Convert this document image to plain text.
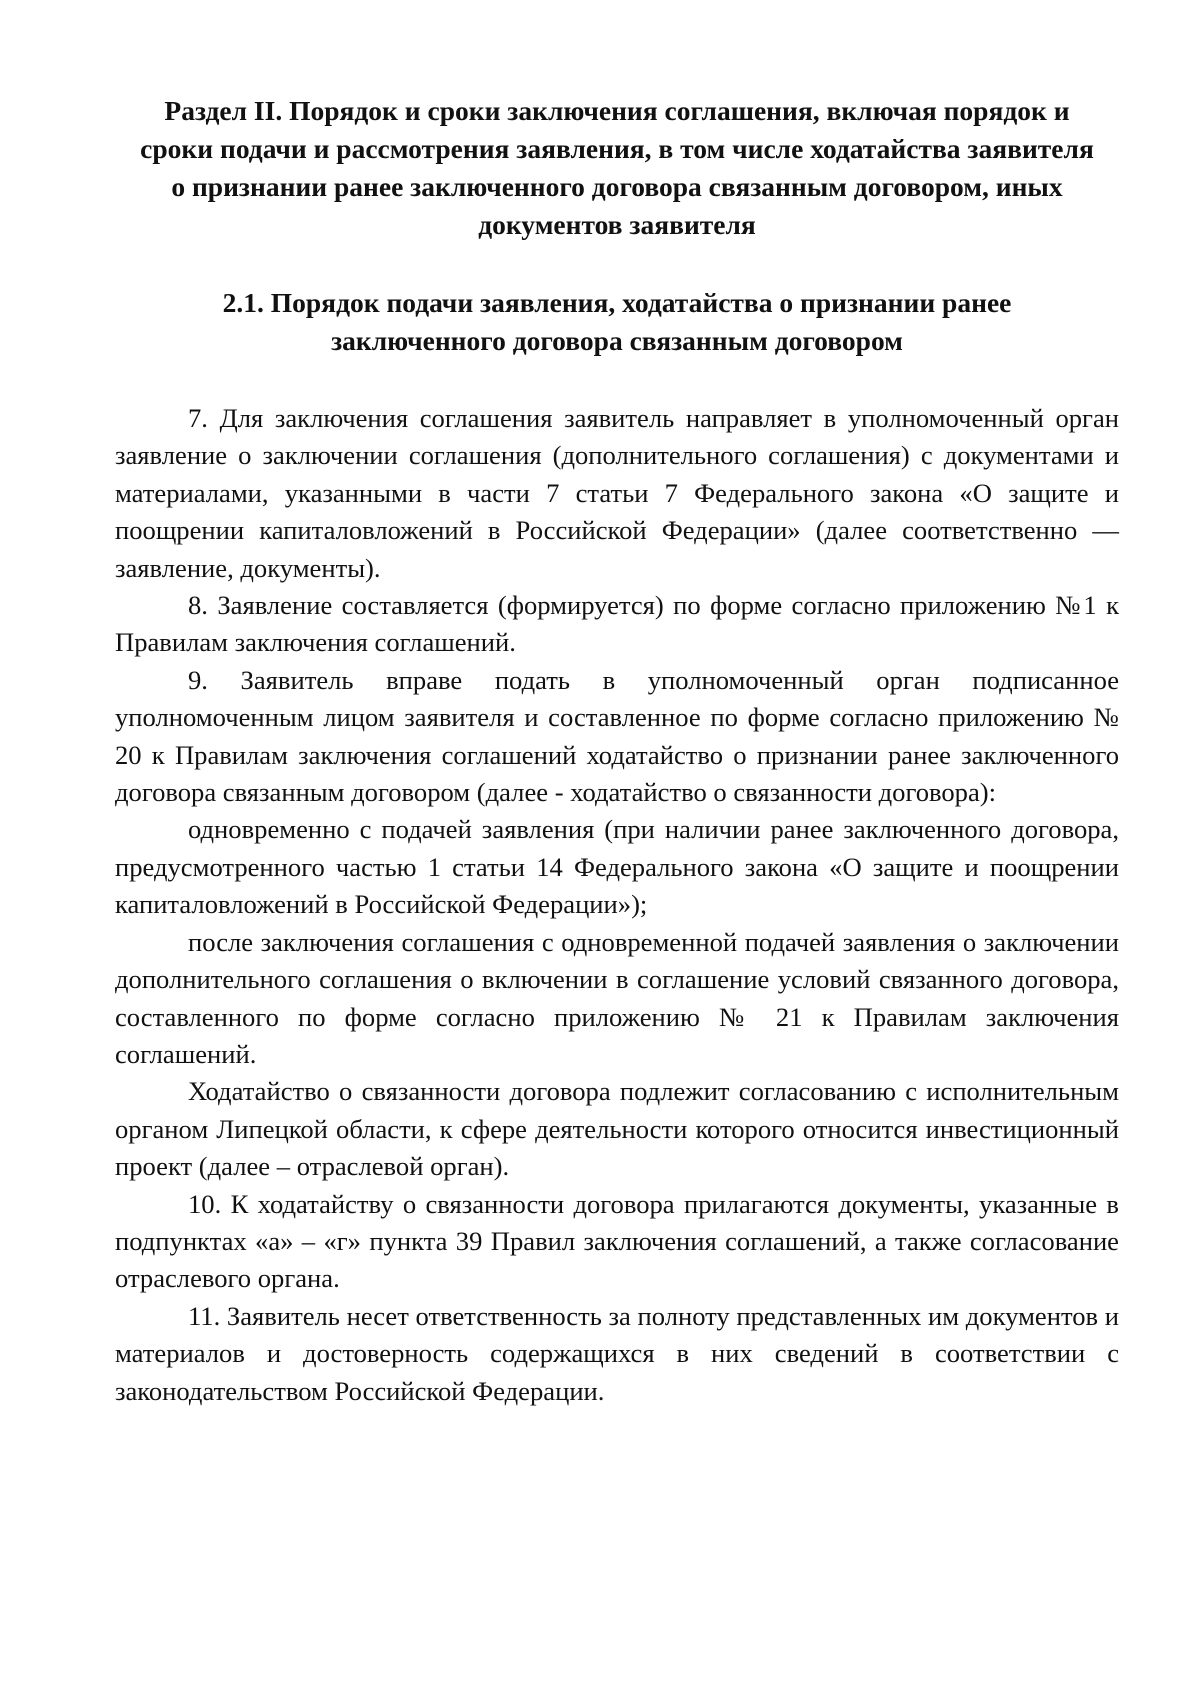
Раздел II. Порядок и сроки заключения соглашения, включая порядок и сроки подачи и рассмотрения заявления, в том числе ходатайства заявителя о признании ранее заключенного договора связанным договором, иных документов заявителя
2.1. Порядок подачи заявления, ходатайства о признании ранее заключенного договора связанным договором

7. Для заключения соглашения заявитель направляет в уполномоченный орган заявление о заключении соглашения (дополнительного соглашения) с документами и материалами, указанными в части 7 статьи 7 Федерального закона «О защите и поощрении капиталовложений в Российской Федерации» (далее соответственно — заявление, документы).

8. Заявление составляется (формируется) по форме согласно приложению №1 к Правилам заключения соглашений.

9. Заявитель вправе подать в уполномоченный орган подписанное уполномоченным лицом заявителя и составленное по форме согласно приложению № 20 к Правилам заключения соглашений ходатайство о признании ранее заключенного договора связанным договором (далее - ходатайство о связанности договора):

одновременно с подачей заявления (при наличии ранее заключенного договора, предусмотренного частью 1 статьи 14 Федерального закона «О защите и поощрении капиталовложений в Российской Федерации»);

после заключения соглашения с одновременной подачей заявления о заключении дополнительного соглашения о включении в соглашение условий связанного договора, составленного по форме согласно приложению № 21 к Правилам заключения соглашений.

Ходатайство о связанности договора подлежит согласованию с исполнительным органом Липецкой области, к сфере деятельности которого относится инвестиционный проект (далее – отраслевой орган).

10. К ходатайству о связанности договора прилагаются документы, указанные в подпунктах «а» – «г» пункта 39 Правил заключения соглашений, а также согласование отраслевого органа.

11. Заявитель несет ответственность за полноту представленных им документов и материалов и достоверность содержащихся в них сведений в соответствии с законодательством Российской Федерации.
